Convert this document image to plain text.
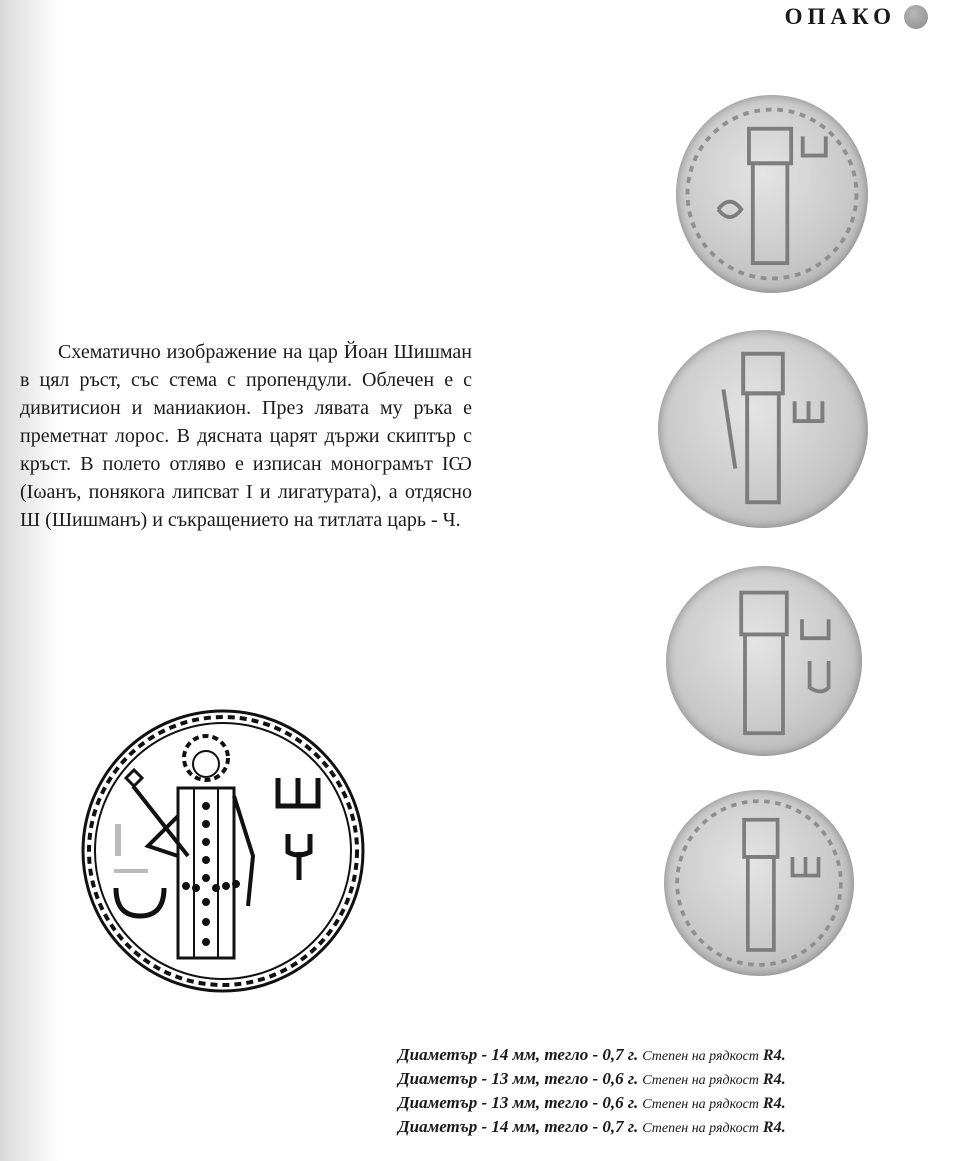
ОПАКО

Схематично изображение на цар Йоан Шишман в цял ръст, със стема с пропендули. Облечен е с дивитисион и маниакион. През лявата му ръка е преметнат лорос. В дясната царят държи скиптър с кръст. В полето отляво е изписан монограмът IѠ (Iωанъ, понякога липсват I и лигатурата), а отдясно Ш (Шишманъ) и съкращението на титлата царь - Ч.

Диаметър - 14 мм, тегло - 0,7 г. Степен на рядкост R4.
Диаметър - 13 мм, тегло - 0,6 г. Степен на рядкост R4.
Диаметър - 13 мм, тегло - 0,6 г. Степен на рядкост R4.
Диаметър - 14 мм, тегло - 0,7 г. Степен на рядкост R4.
